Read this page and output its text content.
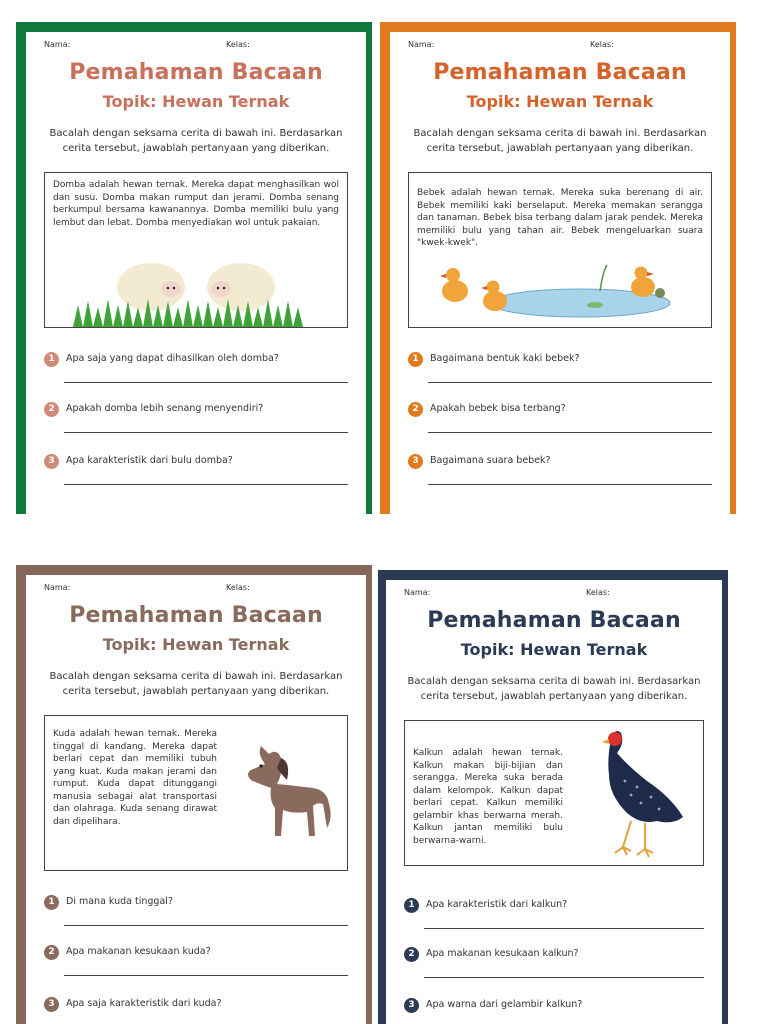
Nama:	Kelas:
Pemahaman Bacaan
Topik: Hewan Ternak
Bacalah dengan seksama cerita di bawah ini. Berdasarkan cerita tersebut, jawablah pertanyaan yang diberikan.
Domba adalah hewan ternak. Mereka dapat menghasilkan wol dan susu. Domba makan rumput dan jerami. Domba senang berkumpul bersama kawanannya. Domba memiliki bulu yang lembut dan lebat. Domba menyediakan wol untuk pakaian.
1	Apa saja yang dapat dihasilkan oleh domba?
2	Apakah domba lebih senang menyendiri?
3	Apa karakteristik dari bulu domba?
Nama:	Kelas:
Pemahaman Bacaan
Topik: Hewan Ternak
Bacalah dengan seksama cerita di bawah ini. Berdasarkan cerita tersebut, jawablah pertanyaan yang diberikan.
Bebek adalah hewan ternak. Mereka suka berenang di air. Bebek memiliki kaki berselaput. Mereka memakan serangga dan tanaman. Bebek bisa terbang dalam jarak pendek. Mereka memiliki bulu yang tahan air. Bebek mengeluarkan suara "kwek-kwek".
1	Bagaimana bentuk kaki bebek?
2	Apakah bebek bisa terbang?
3	Bagaimana suara bebek?
Nama:	Kelas:
Pemahaman Bacaan
Topik: Hewan Ternak
Bacalah dengan seksama cerita di bawah ini. Berdasarkan cerita tersebut, jawablah pertanyaan yang diberikan.
Kuda adalah hewan ternak. Mereka tinggal di kandang. Mereka dapat berlari cepat dan memiliki tubuh yang kuat. Kuda makan jerami dan rumput. Kuda dapat ditunggangi manusia sebagai alat transportasi dan olahraga. Kuda senang dirawat dan dipelihara.
1	Di mana kuda tinggal?
2	Apa makanan kesukaan kuda?
3	Apa saja karakteristik dari kuda?
Nama:	Kelas:
Pemahaman Bacaan
Topik: Hewan Ternak
Bacalah dengan seksama cerita di bawah ini. Berdasarkan cerita tersebut, jawablah pertanyaan yang diberikan.
Kalkun adalah hewan ternak. Kalkun makan biji-bijian dan serangga. Mereka suka berada dalam kelompok. Kalkun dapat berlari cepat. Kalkun memiliki gelambir khas berwarna merah. Kalkun jantan memiliki bulu berwarna-warni.
1	Apa karakteristik dari kalkun?
2	Apa makanan kesukaan kalkun?
3	Apa warna dari gelambir kalkun?
